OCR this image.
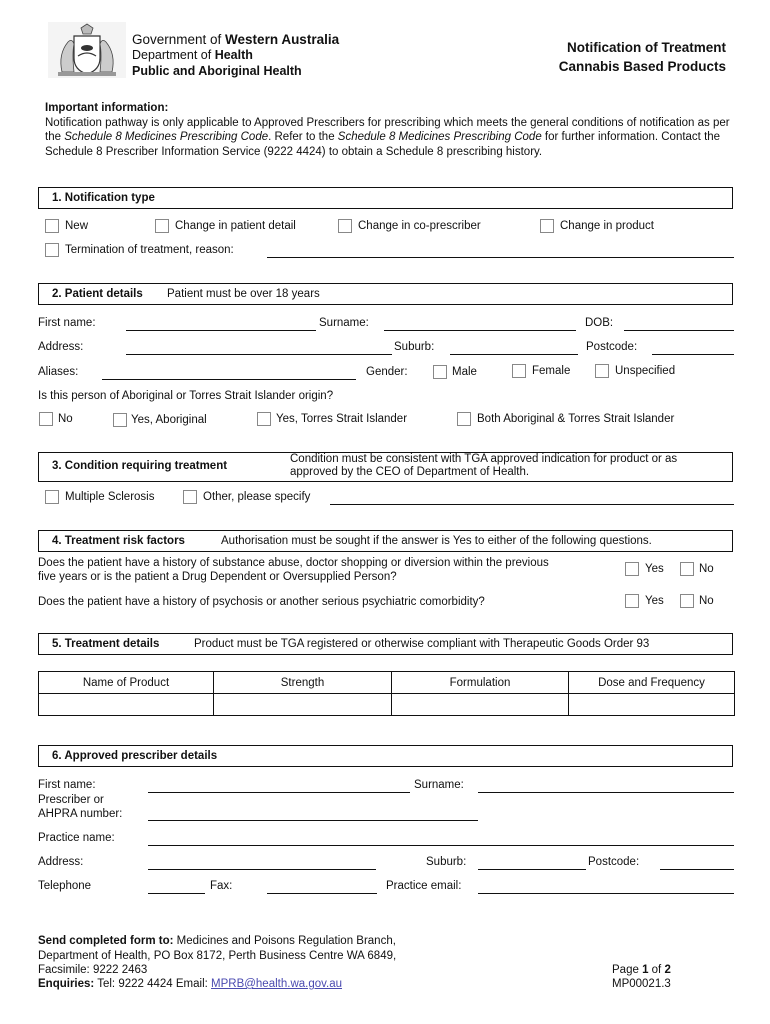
Government of Western Australia
Department of Health
Public and Aboriginal Health
Notification of Treatment
Cannabis Based Products
Important information:
Notification pathway is only applicable to Approved Prescribers for prescribing which meets the general conditions of notification as per the Schedule 8 Medicines Prescribing Code. Refer to the Schedule 8 Medicines Prescribing Code for further information. Contact the Schedule 8 Prescriber Information Service (9222 4424) to obtain a Schedule 8 prescribing history.
1. Notification type
New	Change in patient detail	Change in co-prescriber	Change in product
Termination of treatment, reason:
2. Patient details Patient must be over 18 years
First name:	Surname:	DOB:
Address:	Suburb:	Postcode:
Aliases:	Gender:	Male	Female	Unspecified
Is this person of Aboriginal or Torres Strait Islander origin?
No	Yes, Aboriginal	Yes, Torres Strait Islander	Both Aboriginal & Torres Strait Islander
3. Condition requiring treatment
Condition must be consistent with TGA approved indication for product or as
approved by the CEO of Department of Health.
Multiple Sclerosis	Other, please specify
4. Treatment risk factors	Authorisation must be sought if the answer is Yes to either of the following questions.
Does the patient have a history of substance abuse, doctor shopping or diversion within the previous
five years or is the patient a Drug Dependent or Oversupplied Person?
Yes	No
Does the patient have a history of psychosis or another serious psychiatric comorbidity?	Yes	No
5. Treatment details	Product must be TGA registered or otherwise compliant with Therapeutic Goods Order 93
Name of Product	Strength	Formulation	Dose and Frequency

6. Approved prescriber details
First name:	Surname:
Prescriber or
AHPRA number:
Practice name:
Address:	Suburb:	Postcode:
Telephone	Fax:	Practice email:
Send completed form to: Medicines and Poisons Regulation Branch,
Department of Health, PO Box 8172, Perth Business Centre WA 6849,
Facsimile: 9222 2463
Enquiries: Tel: 9222 4424 Email: MPRB@health.wa.gov.au
Page 1 of 2
MP00021.3
